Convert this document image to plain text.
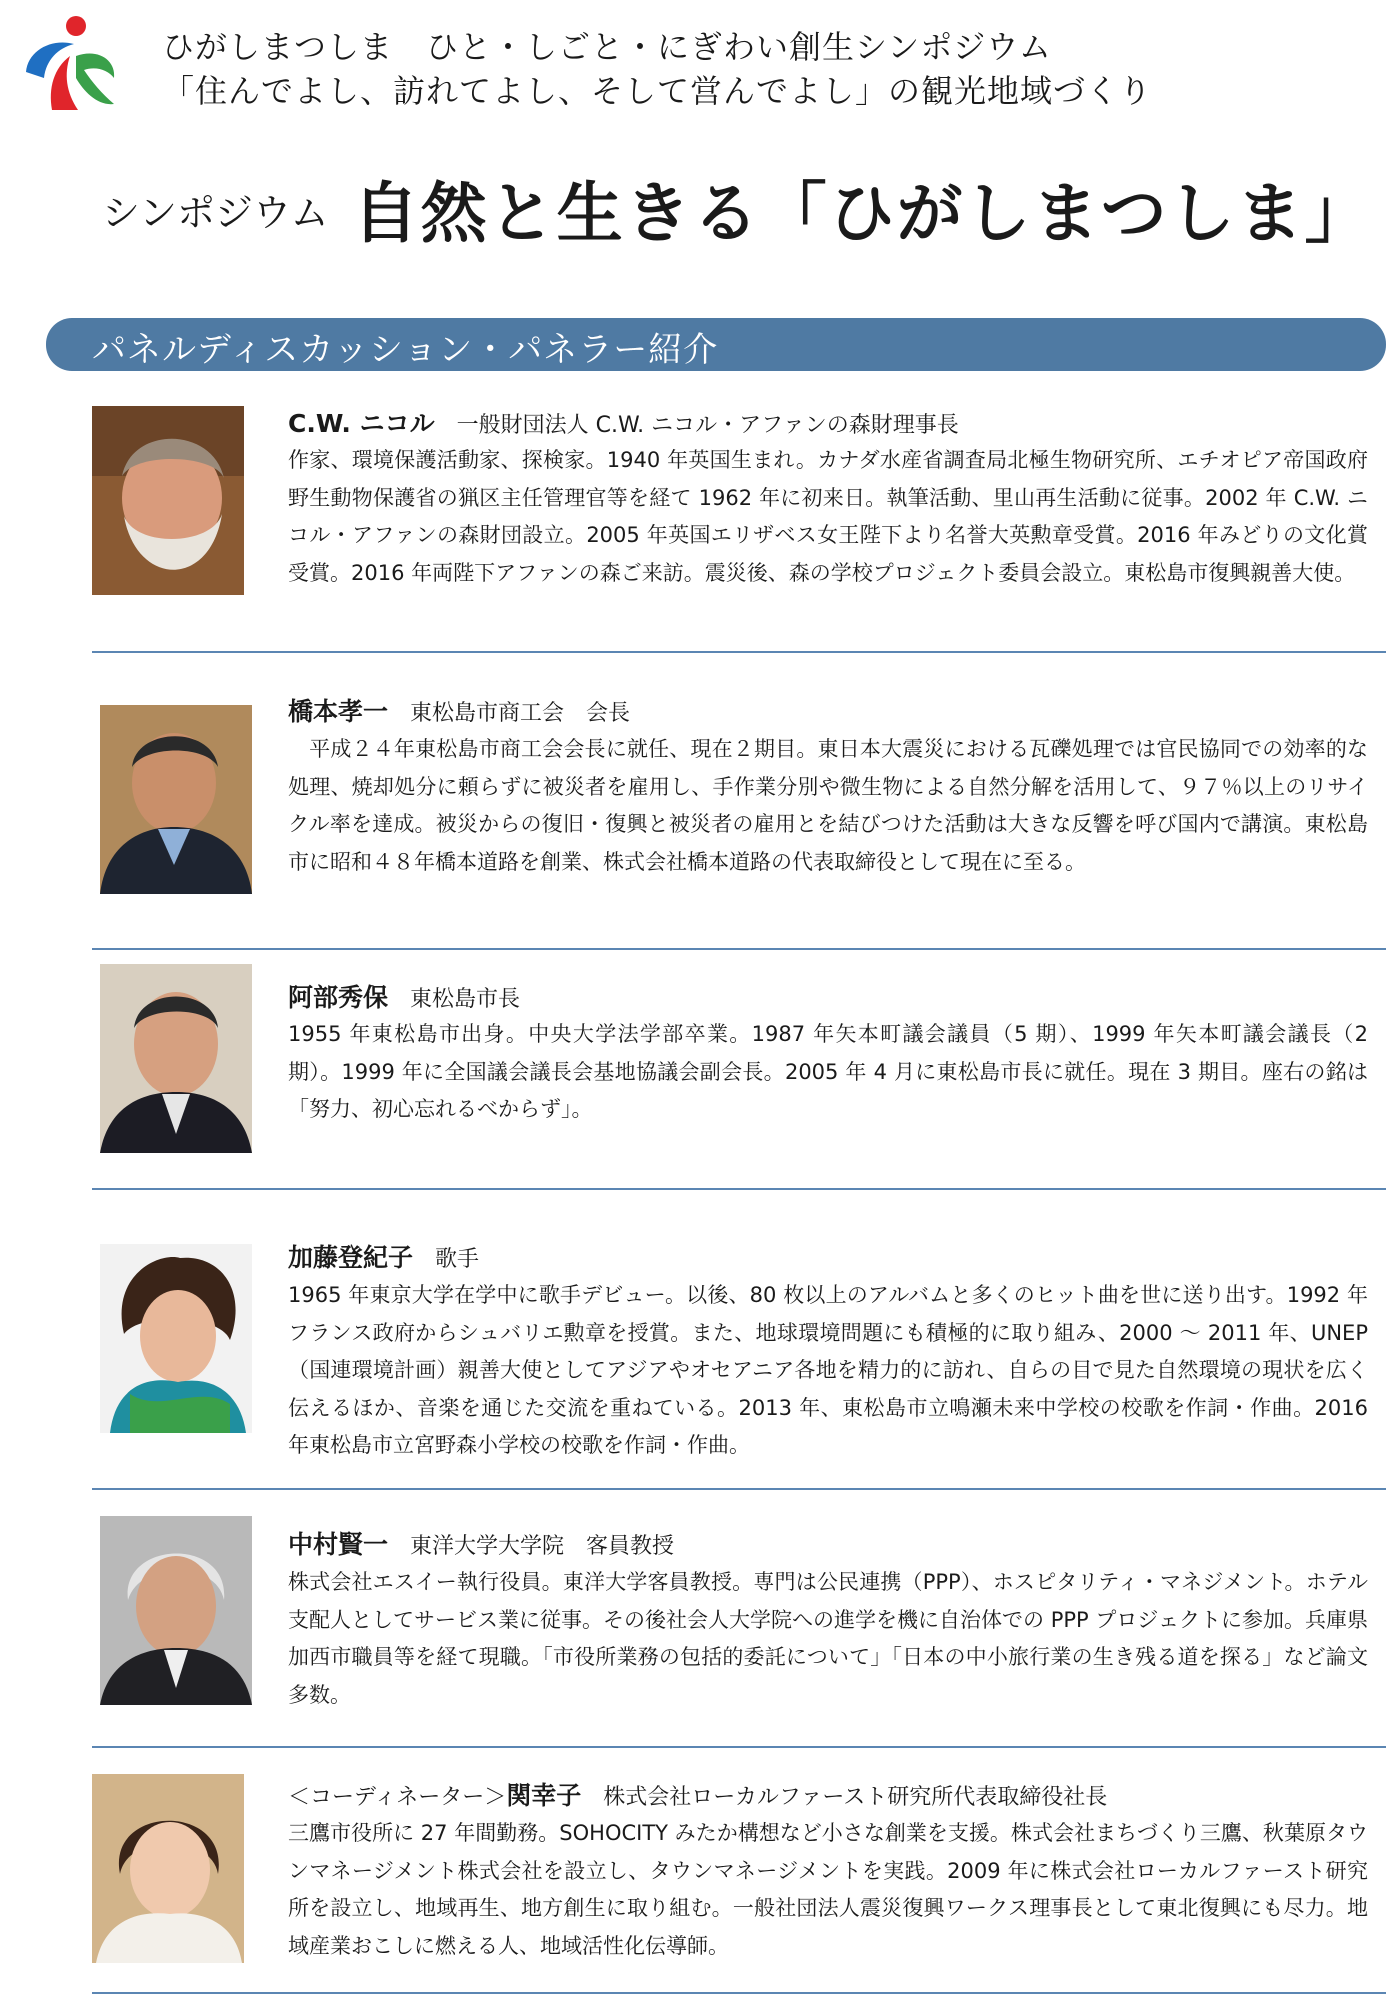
ひがしまつしま　ひと・しごと・にぎわい創生シンポジウム
「住んでよし、訪れてよし、そして営んでよし」の観光地域づくり
シンポジウム 自然と生きる「ひがしまつしま」
パネルディスカッション・パネラー紹介
C.W. ニコル 一般財団法人 C.W. ニコル・アファンの森財理事長
作家、環境保護活動家、探検家。1940 年英国生まれ。カナダ水産省調査局北極生物研究所、エチオピア帝国政府野生動物保護省の猟区主任管理官等を経て 1962 年に初来日。執筆活動、里山再生活動に従事。2002 年 C.W. ニコル・アファンの森財団設立。2005 年英国エリザベス女王陛下より名誉大英勲章受賞。2016 年みどりの文化賞受賞。2016 年両陛下アファンの森ご来訪。震災後、森の学校プロジェクト委員会設立。東松島市復興親善大使。
橋本孝一 東松島市商工会　会長
　平成２４年東松島市商工会会長に就任、現在２期目。東日本大震災における瓦礫処理では官民協同での効率的な処理、焼却処分に頼らずに被災者を雇用し、手作業分別や微生物による自然分解を活用して、９７％以上のリサイクル率を達成。被災からの復旧・復興と被災者の雇用とを結びつけた活動は大きな反響を呼び国内で講演。東松島市に昭和４８年橋本道路を創業、株式会社橋本道路の代表取締役として現在に至る。
阿部秀保 東松島市長
1955 年東松島市出身。中央大学法学部卒業。1987 年矢本町議会議員（5 期）、1999 年矢本町議会議長（2 期）。1999 年に全国議会議長会基地協議会副会長。2005 年 4 月に東松島市長に就任。現在 3 期目。座右の銘は「努力、初心忘れるべからず」。
加藤登紀子 歌手
1965 年東京大学在学中に歌手デビュー。以後、80 枚以上のアルバムと多くのヒット曲を世に送り出す。1992 年フランス政府からシュバリエ勲章を授賞。また、地球環境問題にも積極的に取り組み、2000 ～ 2011 年、UNEP（国連環境計画）親善大使としてアジアやオセアニア各地を精力的に訪れ、自らの目で見た自然環境の現状を広く伝えるほか、音楽を通じた交流を重ねている。2013 年、東松島市立鳴瀬未来中学校の校歌を作詞・作曲。2016 年東松島市立宮野森小学校の校歌を作詞・作曲。
中村賢一 東洋大学大学院　客員教授
株式会社エスイー執行役員。東洋大学客員教授。専門は公民連携（PPP）、ホスピタリティ・マネジメント。ホテル支配人としてサービス業に従事。その後社会人大学院への進学を機に自治体での PPP プロジェクトに参加。兵庫県加西市職員等を経て現職。「市役所業務の包括的委託について」「日本の中小旅行業の生き残る道を探る」など論文多数。
＜コーディネーター＞関幸子 株式会社ローカルファースト研究所代表取締役社長
三鷹市役所に 27 年間勤務。SOHOCITY みたか構想など小さな創業を支援。株式会社まちづくり三鷹、秋葉原タウンマネージメント株式会社を設立し、タウンマネージメントを実践。2009 年に株式会社ローカルファースト研究所を設立し、地域再生、地方創生に取り組む。一般社団法人震災復興ワークス理事長として東北復興にも尽力。地域産業おこしに燃える人、地域活性化伝導師。
